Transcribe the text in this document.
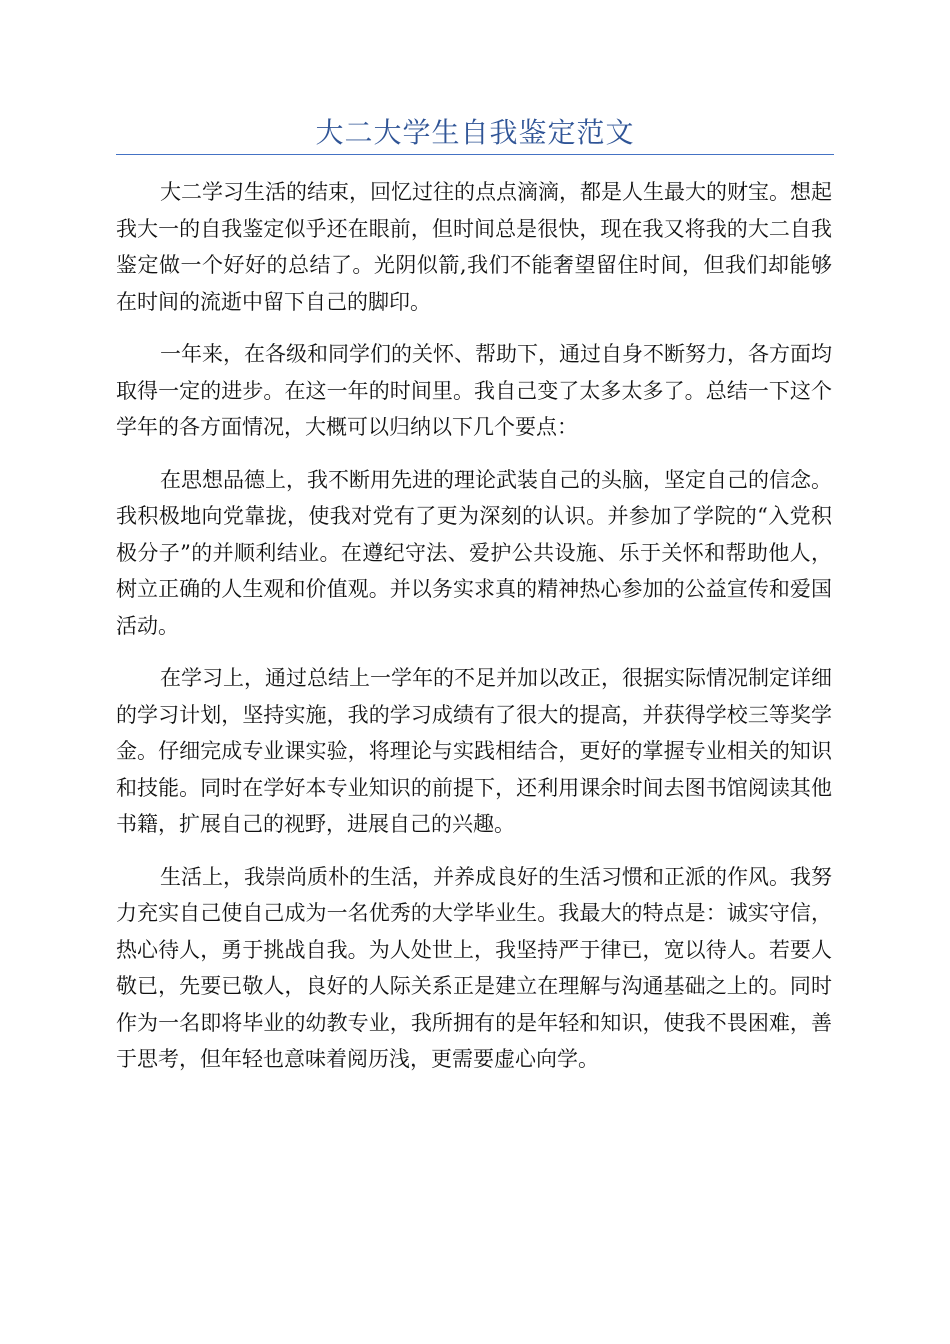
大二大学生自我鉴定范文

大二学习生活的结束，回忆过往的点点滴滴，都是人生最大的财宝。想起我大一的自我鉴定似乎还在眼前，但时间总是很快，现在我又将我的大二自我鉴定做一个好好的总结了。光阴似箭,我们不能奢望留住时间，但我们却能够在时间的流逝中留下自己的脚印。

一年来，在各级和同学们的关怀、帮助下，通过自身不断努力，各方面均取得一定的进步。在这一年的时间里。我自己变了太多太多了。总结一下这个学年的各方面情况，大概可以归纳以下几个要点：

在思想品德上，我不断用先进的理论武装自己的头脑，坚定自己的信念。我积极地向党靠拢，使我对党有了更为深刻的认识。并参加了学院的“入党积极分子”的并顺利结业。在遵纪守法、爱护公共设施、乐于关怀和帮助他人，树立正确的人生观和价值观。并以务实求真的精神热心参加的公益宣传和爱国活动。

在学习上，通过总结上一学年的不足并加以改正，很据实际情况制定详细的学习计划，坚持实施，我的学习成绩有了很大的提高，并获得学校三等奖学金。仔细完成专业课实验，将理论与实践相结合，更好的掌握专业相关的知识和技能。同时在学好本专业知识的前提下，还利用课余时间去图书馆阅读其他书籍，扩展自己的视野，进展自己的兴趣。

生活上，我崇尚质朴的生活，并养成良好的生活习惯和正派的作风。我努力充实自己使自己成为一名优秀的大学毕业生。我最大的特点是：诚实守信，热心待人，勇于挑战自我。为人处世上，我坚持严于律已，宽以待人。若要人敬已，先要已敬人，良好的人际关系正是建立在理解与沟通基础之上的。同时作为一名即将毕业的幼教专业，我所拥有的是年轻和知识，使我不畏困难，善于思考，但年轻也意味着阅历浅，更需要虚心向学。
